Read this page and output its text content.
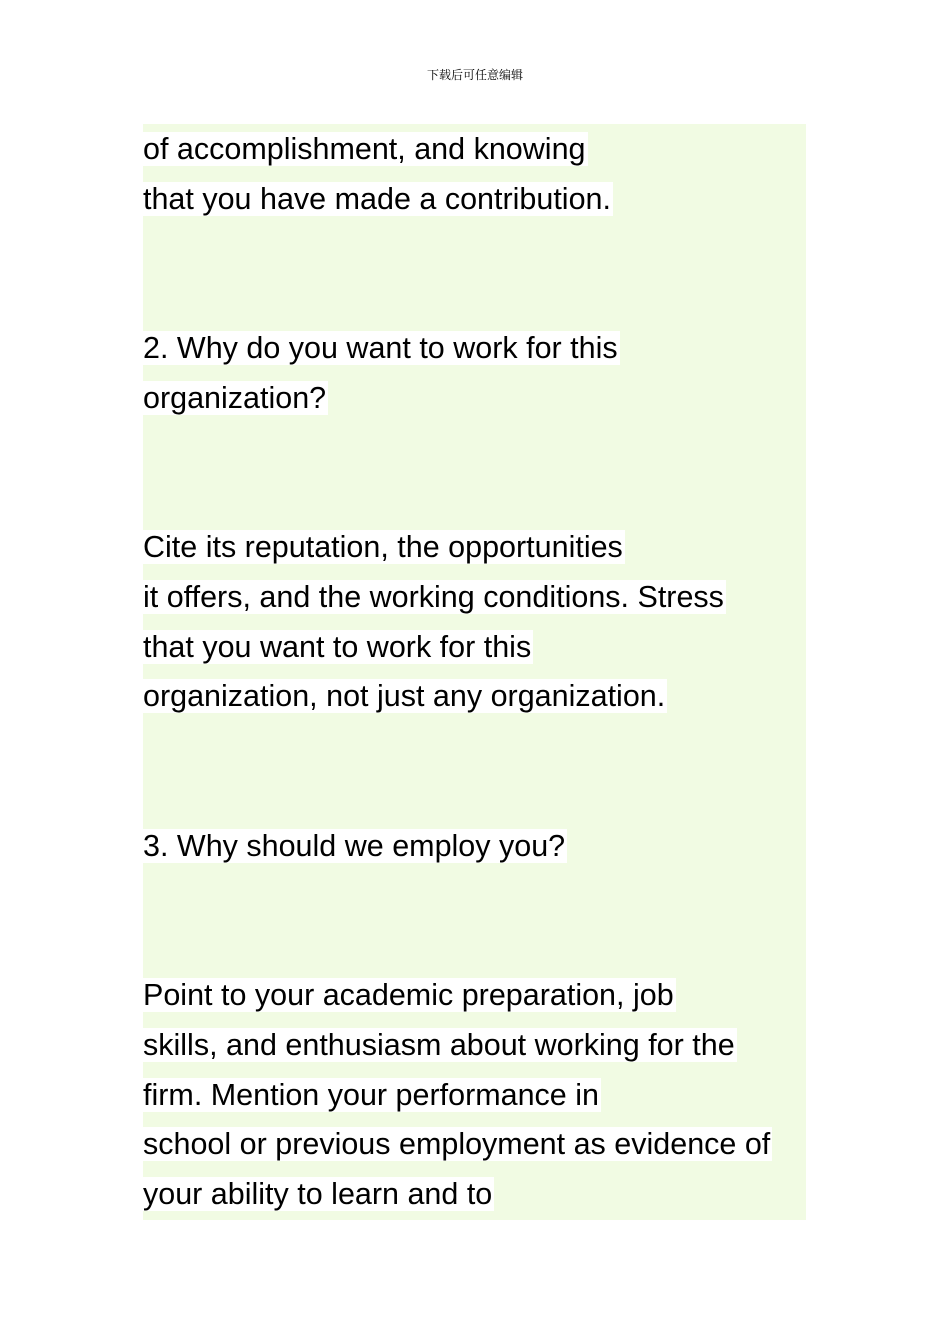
下载后可任意编辑
of accomplishment, and knowing
that you have made a contribution.
2. Why do you want to work for this
organization?
Cite its reputation, the opportunities
it offers, and the working conditions. Stress
that you want to work for this
organization, not just any organization.
3. Why should we employ you?
Point to your academic preparation, job
skills, and enthusiasm about working for the
firm. Mention your performance in
school or previous employment as evidence of
your ability to learn and to
